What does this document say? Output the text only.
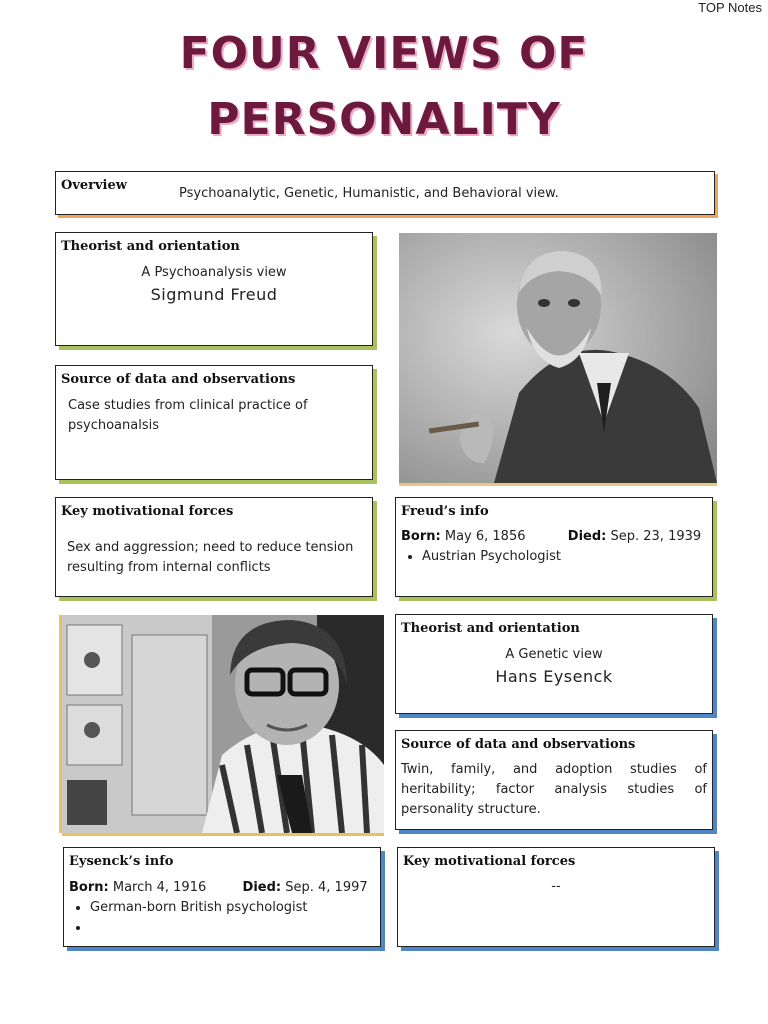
TOP Notes
FOUR VIEWS OF
PERSONALITY
Overview
Psychoanalytic, Genetic, Humanistic, and Behavioral view.
Theorist and orientation
A Psychoanalysis view
Sigmund Freud
Source of data and observations
Case studies from clinical practice of psychoanalsis
Key motivational forces
Sex and aggression; need to reduce tension resulting from internal conflicts
Freud’s info
Born: May 6, 1856	Died: Sep. 23, 1939
• Austrian Psychologist
Theorist and orientation
A Genetic view
Hans Eysenck
Source of data and observations
Twin, family, and adoption studies of heritability; factor analysis studies of personality structure.
Eysenck’s info
Born: March 4, 1916	Died: Sep. 4, 1997
• German-born British psychologist
•
Key motivational forces
--
